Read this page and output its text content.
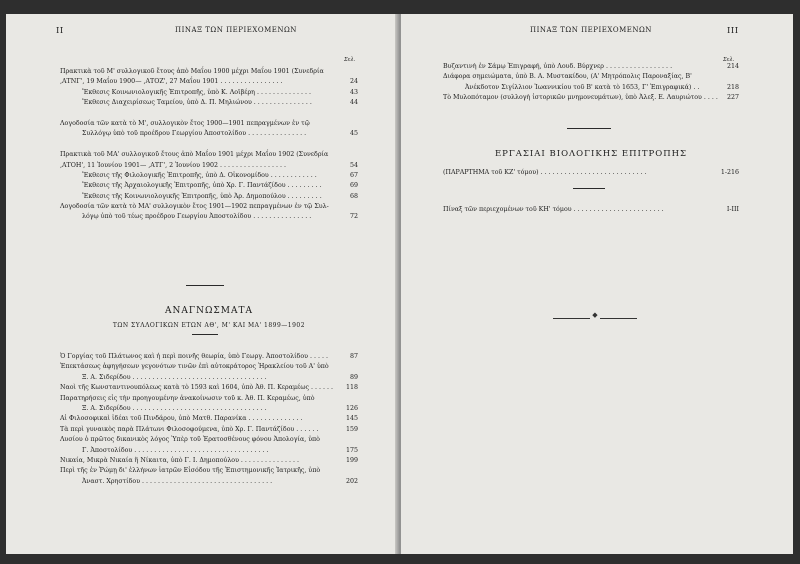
II	ΠΙΝΑΞ ΤΩΝ ΠΕΡΙΕΧΟΜΕΝΩΝ
Σελ.
Πρακτικὰ τοῦ Μ' συλλογικοῦ ἔτους ἀπὸ Μαΐου 1900 μέχρι Μαΐου 1901 (Συνεδρία
‚ΑΤΝΓ', 19 Μαΐου 1900— ‚ΑΤΟΖ', 27 Μαΐου 1901 . . . . . . . . . . . . . . . .	24
Ἔκθεσις Κοινωνιολογικῆς Ἐπιτροπῆς, ὑπὸ Κ. Λοϊβέρη . . . . . . . . . . . . . .	43
Ἔκθεσις Διαχειρίσεως Ταμείου, ὑπὸ Δ. Π. Μηλιώνου . . . . . . . . . . . . . . .	44
Λογοδοσία τῶν κατὰ τὸ Μ', συλλογικὸν ἔτος 1900—1901 πεπραγμένων ἐν τῷ
Συλλόγῳ ὑπὸ τοῦ προέδρου Γεωργίου Ἀποστολίδου . . . . . . . . . . . . . . .	45
Πρακτικὰ τοῦ ΜΑ' συλλογικοῦ ἔτους ἀπὸ Μαΐου 1901 μέχρι Μαΐου 1902 (Συνεδρία
‚ΑΤΟΗ', 11 Ἰουνίου 1901— ‚ΑΤΓ', 2 Ἰουνίου 1902 . . . . . . . . . . . . . . . . .	54
Ἔκθεσις τῆς Φιλολογικῆς Ἐπιτροπῆς, ὑπὸ Δ. Οἰκονομίδου . . . . . . . . . . . .	67
Ἔκθεσις τῆς Ἀρχαιολογικῆς Ἐπιτροπῆς, ὑπὸ Χρ. Γ. Παντάζίδου . . . . . . . . .	69
Ἔκθεσις τῆς Κοινωνιολογικῆς Ἐπιτροπῆς, ὑπὸ Ἀρ. Δημοπούλου . . . . . . . . .	68
Λογοδοσία τῶν κατὰ τὸ ΜΑ' συλλογικὸν ἔτος 1901—1902 πεπραγμένων ἐν τῷ Συλ-
λόγῳ ὑπὸ τοῦ τέως προέδρου Γεωργίου Ἀποστολίδου . . . . . . . . . . . . . . .	72
ΑΝΑΓΝΩΣΜΑΤΑ
ΤΩΝ ΣΥΛΛΟΓΙΚΩΝ ΕΤΩΝ ΑΘ', Μ' ΚΑΙ ΜΑ' 1899—1902
Ὁ Γοργίας τοῦ Πλάτωνος καὶ ἡ περὶ ποινῆς θεωρία, ὑπὸ Γεωργ. Ἀποστολίδου . . . . .	87
Ἐπεκτάσεως ἀφηγήσεων γεγονότων τινῶν ἐπὶ αὐτοκράτορος Ἡρακλείου τοῦ Α' ὑπὸ
Ξ. Α. Σιδερίδου . . . . . . . . . . . . . . . . . . . . . . . . . . . . . . . . . .	89
Ναοὶ τῆς Κωνσταντινουπόλεως κατὰ τὸ 1593 καὶ 1604, ὑπὸ Ἀθ. Π. Κεραμέως . . . . . . 118
Παρατηρήσεις εἰς τὴν προηγουμένην ἀνακοίνωσιν τοῦ κ. Ἀθ. Π. Κεραμέως, ὑπὸ
Ξ. Α. Σιδερίδου . . . . . . . . . . . . . . . . . . . . . . . . . . . . . . . . . .	126
Αἱ Φιλοσοφικαὶ ἰδέαι τοῦ Πινδάρου, ὑπὸ Ματθ. Παρανίκα . . . . . . . . . . . . . .	145
Τὰ περὶ γυναικὸς παρὰ Πλάτωνι Φιλοσοφούμενα, ὑπὸ Χρ. Γ. Παντάζίδου . . . . . .	159
Λυσίου ὁ πρῶτος δικανικὸς λόγος Ὑπὲρ τοῦ Ἐρατοσθένους φόνου Ἀπολογία, ὑπὸ
Γ. Ἀποστολίδου . . . . . . . . . . . . . . . . . . . . . . . . . . . . . . . . . .	175
Νικαία, Μικρὰ Νικαία ἢ Νίκαιτα, ὑπὸ Γ. Ι. Δημοπούλου . . . . . . . . . . . . . . .	199
Περὶ τῆς ἐν Ῥώμῃ δι' ἑλλήνων ἰατρῶν Εἰσόδου τῆς Ἐπιστημονικῆς Ἰατρικῆς, ὑπὸ
Ἀναστ. Χρηστίδου . . . . . . . . . . . . . . . . . . . . . . . . . . . . . . . . .	202
ΠΙΝΑΞ ΤΩΝ ΠΕΡΙΕΧΟΜΕΝΩΝ	III
Σελ.
Βυζαντινὴ ἐν Σάμῳ Ἐπιγραφή, ὑπὸ Λουδ. Βύρχνερ . . . . . . . . . . . . . . . . .	214
Διάφορα σημειώματα, ὑπὸ Β. Α. Μυστακίδου, (Α' Μητρόπολις Παροναξίας, Β'
Ἀνέκδοτον Σιγίλλιον Ἰωαννικίου τοῦ Β' κατὰ τὸ 1653, Γ' Ἐπιγραφικά) . .	218
Τὸ Μυλοπόταμον (συλλογὴ ἱστορικῶν μνημονευμάτων), ὑπὸ Ἀλεξ. Ε. Λαυριώτου . . . . 227
ΕΡΓΑΣΙΑΙ ΒΙΟΛΟΓΙΚΗΣ ΕΠΙΤΡΟΠΗΣ
(ΠΑΡΑΡΤΗΜΑ τοῦ ΚΖ' τόμου) . . . . . . . . . . . . . . . . . . . . . . . . . . .	1-216
Πίναξ τῶν περιεχομένων τοῦ ΚΗ' τόμου . . . . . . . . . . . . . . . . . . . . . . .	I-III
◆
